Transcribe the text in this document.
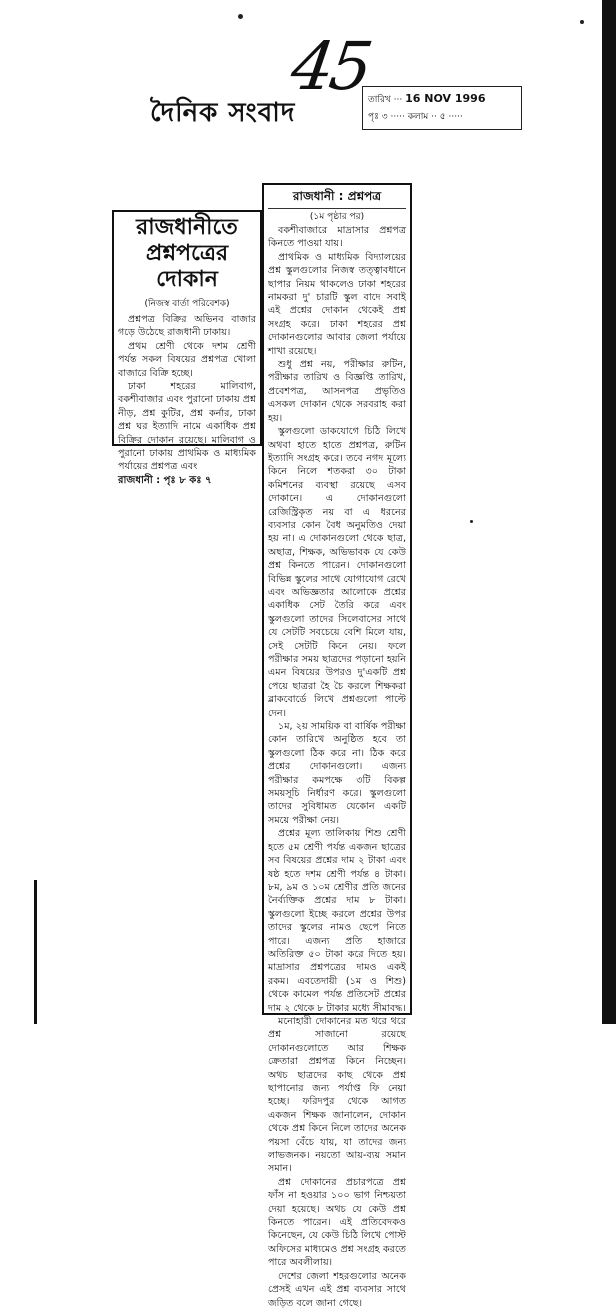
45
দৈনিক সংবাদ	তারিখ ··· 16 NOV 1996
পৃঃ ৩ ····· কলাম ·· ৫ ·····
রাজধানীতে
প্রশ্নপত্রের
দোকান
(নিজস্ব বার্তা পরিবেশক)

প্রশ্নপত্র বিক্রির অভিনব বাজার গড়ে উঠেছে রাজধানী ঢাকায়।

প্রথম শ্রেণী থেকে দশম শ্রেণী পর্যন্ত সকল বিষয়ের প্রশ্নপত্র খোলা বাজারে বিক্রি হচ্ছে।

ঢাকা শহরের মালিবাগ, বকশীবাজার এবং পুরানো ঢাকায় প্রশ্ন নীড়, প্রশ্ন কুটির, প্রশ্ন কর্নার, ঢাকা প্রশ্ন ঘর ইত্যাদি নামে একাধিক প্রশ্ন বিক্রির দোকান রয়েছে। মালিবাগ ও পুরানো ঢাকায় প্রাথমিক ও মাধ্যমিক পর্যায়ের প্রশ্নপত্র এবং

রাজধানী : পৃঃ ৮ কঃ ৭

রাজধানী : প্রশ্নপত্র
(১ম পৃষ্ঠার পর)

বকশীবাজারে মাদ্রাসার প্রশ্নপত্র কিনতে পাওয়া যায়।

প্রাথমিক ও মাধ্যমিক বিদ্যালয়ের প্রশ্ন স্কুলগুলোর নিজস্ব তত্ত্বাবধানে ছাপার নিয়ম থাকলেও ঢাকা শহরের নামকরা দু' চারটি স্কুল বাদে সবাই এই প্রশ্নের দোকান থেকেই প্রশ্ন সংগ্রহ করে। ঢাকা শহরের প্রশ্ন দোকানগুলোর আবার জেলা পর্যায়ে শাখা রয়েছে।

শুধু প্রশ্ন নয়, পরীক্ষার রুটিন, পরীক্ষার তারিখ ও বিজ্ঞপ্তি তারিখ, প্রবেশপত্র, আসনপত্র প্রভৃতিও এসকল দোকান থেকে সরবরাহ করা হয়।

স্কুলগুলো ডাকযোগে চিঠি লিখে অথবা হাতে হাতে প্রশ্নপত্র, রুটিন ইত্যাদি সংগ্রহ করে। তবে নগদ মূল্যে কিনে নিলে শতকরা ৩০ টাকা কমিশনের ব্যবস্থা রয়েছে এসব দোকানে। এ দোকানগুলো রেজিস্ট্রিকৃত নয় বা এ ধরনের ব্যবসার কোন বৈধ অনুমতিও দেয়া হয় না। এ দোকানগুলো থেকে ছাত্র, অছাত্র, শিক্ষক, অভিভাবক যে কেউ প্রশ্ন কিনতে পারেন। দোকানগুলো বিভিন্ন স্কুলের সাথে যোগাযোগ রেখে এবং অভিজ্ঞতার আলোকে প্রশ্নের একাধিক সেট তৈরি করে এবং স্কুলগুলো তাদের সিলেবাসের সাথে যে সেটটি সবচেয়ে বেশি মিলে যায়, সেই সেটটি কিনে নেয়। ফলে পরীক্ষার সময় ছাত্রদের পড়ানো হয়নি এমন বিষয়ের উপরও দু'একটি প্রশ্ন পেয়ে ছাত্ররা হৈ চৈ করলে শিক্ষকরা ব্লাকবোর্ডে লিখে প্রশ্নগুলো পাল্টে দেন।

১ম, ২য় সাময়িক বা বার্ষিক পরীক্ষা কোন তারিখে অনুষ্ঠিত হবে তা স্কুলগুলো ঠিক করে না। ঠিক করে প্রশ্নের দোকানগুলো। এজন্য পরীক্ষার কমপক্ষে ৩টি বিকল্প সময়সূচি নির্ধারণ করে। স্কুলগুলো তাদের সুবিধামত যেকোন একটি সময়ে পরীক্ষা নেয়।

প্রশ্নের মূল্য তালিকায় শিশু শ্রেণী হতে ৫ম শ্রেণী পর্যন্ত একজন ছাত্রের সব বিষয়ের প্রশ্নের দাম ২ টাকা এবং ষষ্ঠ হতে দশম শ্রেণী পর্যন্ত ৪ টাকা। ৮ম, ৯ম ও ১০ম শ্রেণীর প্রতি জনের নৈর্ব্যক্তিক প্রশ্নের দাম ৮ টাকা। স্কুলগুলো ইচ্ছে করলে প্রশ্নের উপর তাদের স্কুলের নামও ছেপে নিতে পারে। এজন্য প্রতি হাজারে অতিরিক্ত ৫০ টাকা করে দিতে হয়। মাদ্রাসার প্রশ্নপত্রের দামও একই রকম। এবতেদায়ী (১ম ও শিশু) থেকে কামেল পর্যন্ত প্রতিসেট প্রশ্নের দাম ২ থেকে ৮ টাকার মধ্যে সীমাবদ্ধ।

মনোহারী দোকানের মত থরে থরে প্রশ্ন সাজানো রয়েছে দোকানগুলোতে আর শিক্ষক ক্রেতারা প্রশ্নপত্র কিনে নিচ্ছেন। অথচ ছাত্রদের কাছ থেকে প্রশ্ন ছাপানোর জন্য পর্যাপ্ত ফি নেয়া হচ্ছে। ফরিদপুর থেকে আগত একজন শিক্ষক জানালেন, দোকান থেকে প্রশ্ন কিনে নিলে তাদের অনেক পয়সা বেঁচে যায়, যা তাদের জন্য লাভজনক। নয়তো আয়-ব্যয় সমান সমান।

প্রশ্ন দোকানের প্রচারপত্রে প্রশ্ন ফাঁস না হওয়ার ১০০ ভাগ নিশ্চয়তা দেয়া হয়েছে। অথচ যে কেউ প্রশ্ন কিনতে পারেন। এই প্রতিবেদকও কিনেছেন, যে কেউ চিঠি লিখে পোস্ট অফিসের মাধ্যমেও প্রশ্ন সংগ্রহ করতে পারে অবলীলায়।

দেশের জেলা শহরগুলোর অনেক প্রেসই এখন এই প্রশ্ন ব্যবসার সাথে জড়িত বলে জানা গেছে।
